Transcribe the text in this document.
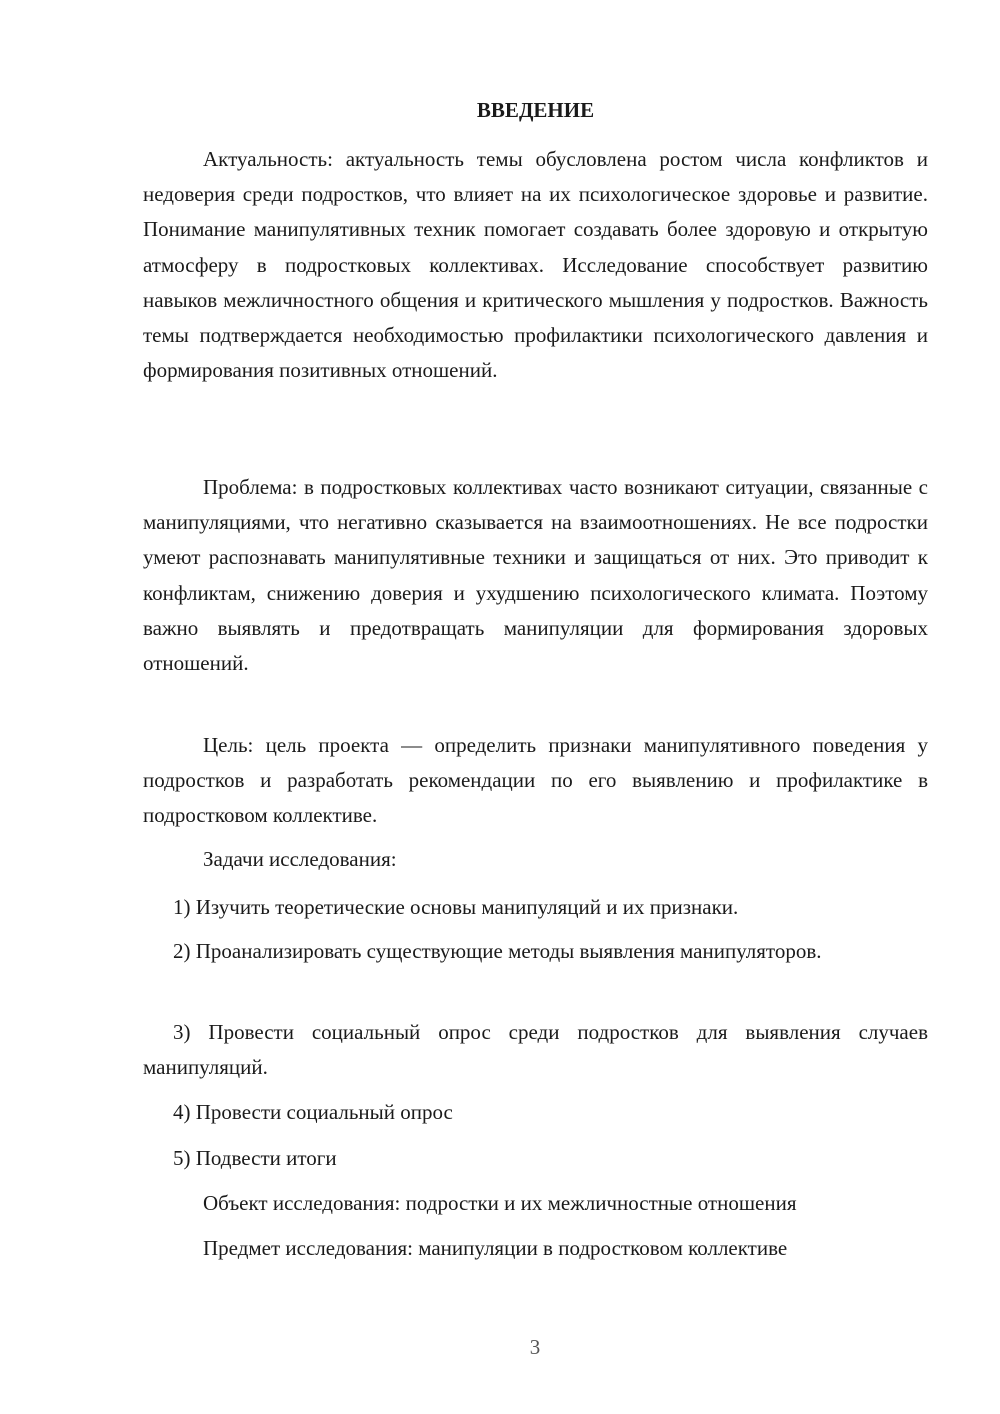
ВВЕДЕНИЕ

Актуальность: актуальность темы обусловлена ростом числа конфликтов и недоверия среди подростков, что влияет на их психологическое здоровье и развитие. Понимание манипулятивных техник помогает создавать более здоровую и открытую атмосферу в подростковых коллективах. Исследование способствует развитию навыков межличностного общения и критического мышления у подростков. Важность темы подтверждается необходимостью профилактики психологического давления и формирования позитивных отношений.

Проблема: в подростковых коллективах часто возникают ситуации, связанные с манипуляциями, что негативно сказывается на взаимоотношениях. Не все подростки умеют распознавать манипулятивные техники и защищаться от них. Это приводит к конфликтам, снижению доверия и ухудшению психологического климата. Поэтому важно выявлять и предотвращать манипуляции для формирования здоровых отношений.

Цель: цель проекта — определить признаки манипулятивного поведения у подростков и разработать рекомендации по его выявлению и профилактике в подростковом коллективе.

Задачи исследования:

1) Изучить теоретические основы манипуляций и их признаки.

2) Проанализировать существующие методы выявления манипуляторов.

3) Провести социальный опрос среди подростков для выявления случаев манипуляций.

4) Провести социальный опрос

5) Подвести итоги

Объект исследования: подростки и их межличностные отношения

Предмет исследования: манипуляции в подростковом коллективе

3
